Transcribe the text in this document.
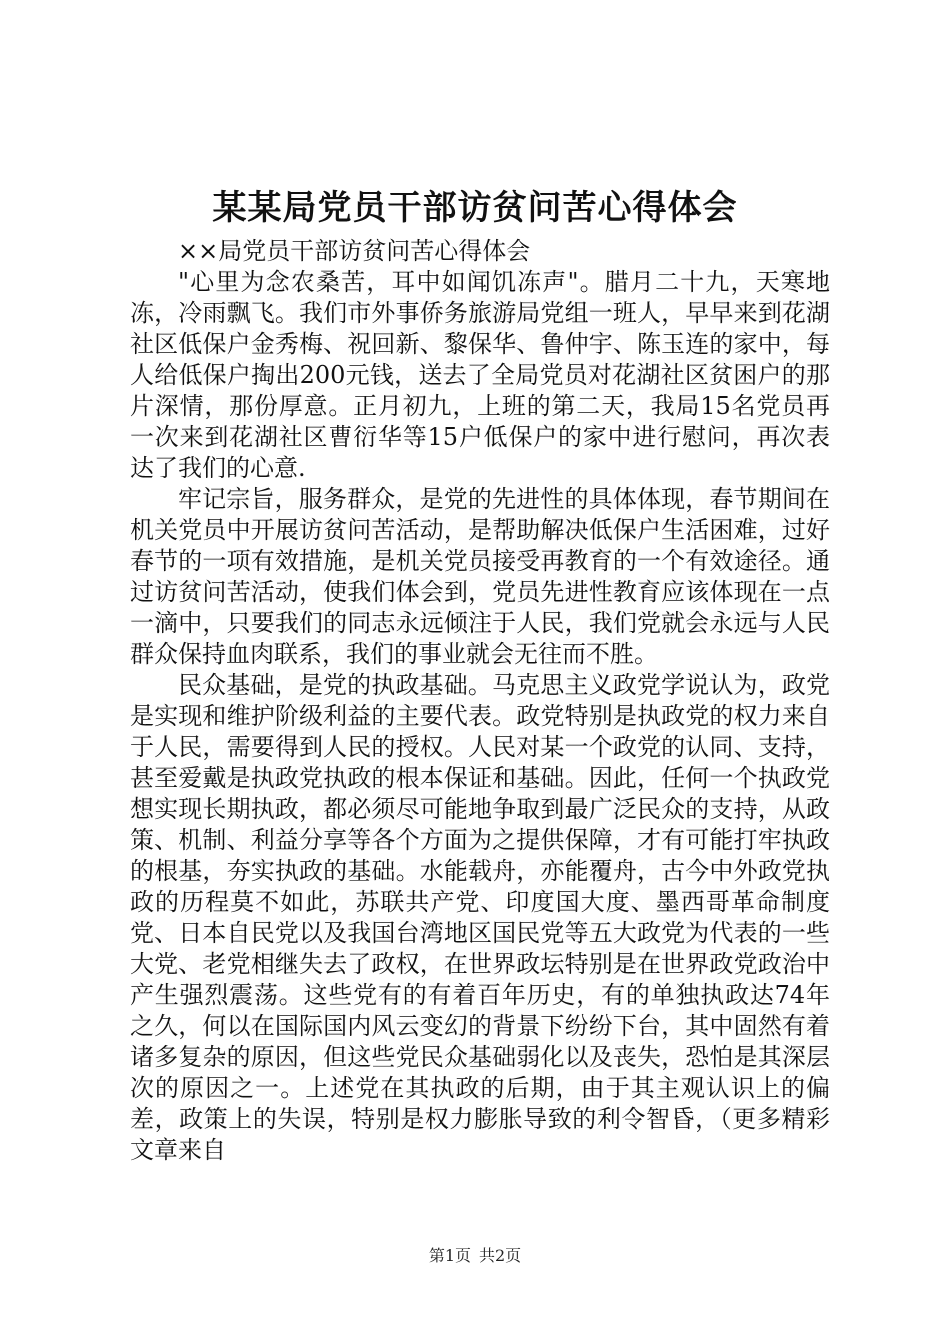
某某局党员干部访贫问苦心得体会

××局党员干部访贫问苦心得体会

"心里为念农桑苦，耳中如闻饥冻声"。腊月二十九，天寒地冻，冷雨飘飞。我们市外事侨务旅游局党组一班人，早早来到花湖社区低保户金秀梅、祝回新、黎保华、鲁仲宇、陈玉连的家中，每人给低保户掏出200元钱，送去了全局党员对花湖社区贫困户的那片深情，那份厚意。正月初九，上班的第二天，我局15名党员再一次来到花湖社区曹衍华等15户低保户的家中进行慰问，再次表达了我们的心意.

牢记宗旨，服务群众，是党的先进性的具体体现，春节期间在机关党员中开展访贫问苦活动，是帮助解决低保户生活困难，过好春节的一项有效措施，是机关党员接受再教育的一个有效途径。通过访贫问苦活动，使我们体会到，党员先进性教育应该体现在一点一滴中，只要我们的同志永远倾注于人民，我们党就会永远与人民群众保持血肉联系，我们的事业就会无往而不胜。

民众基础，是党的执政基础。马克思主义政党学说认为，政党是实现和维护阶级利益的主要代表。政党特别是执政党的权力来自于人民，需要得到人民的授权。人民对某一个政党的认同、支持，甚至爱戴是执政党执政的根本保证和基础。因此，任何一个执政党想实现长期执政，都必须尽可能地争取到最广泛民众的支持，从政策、机制、利益分享等各个方面为之提供保障，才有可能打牢执政的根基，夯实执政的基础。水能载舟，亦能覆舟，古今中外政党执政的历程莫不如此，苏联共产党、印度国大度、墨西哥革命制度党、日本自民党以及我国台湾地区国民党等五大政党为代表的一些大党、老党相继失去了政权，在世界政坛特别是在世界政党政治中产生强烈震荡。这些党有的有着百年历史，有的单独执政达74年之久，何以在国际国内风云变幻的背景下纷纷下台，其中固然有着诸多复杂的原因，但这些党民众基础弱化以及丧失，恐怕是其深层次的原因之一。上述党在其执政的后期，由于其主观认识上的偏差，政策上的失误，特别是权力膨胀导致的利令智昏，（更多精彩文章来自

第1页 共2页
